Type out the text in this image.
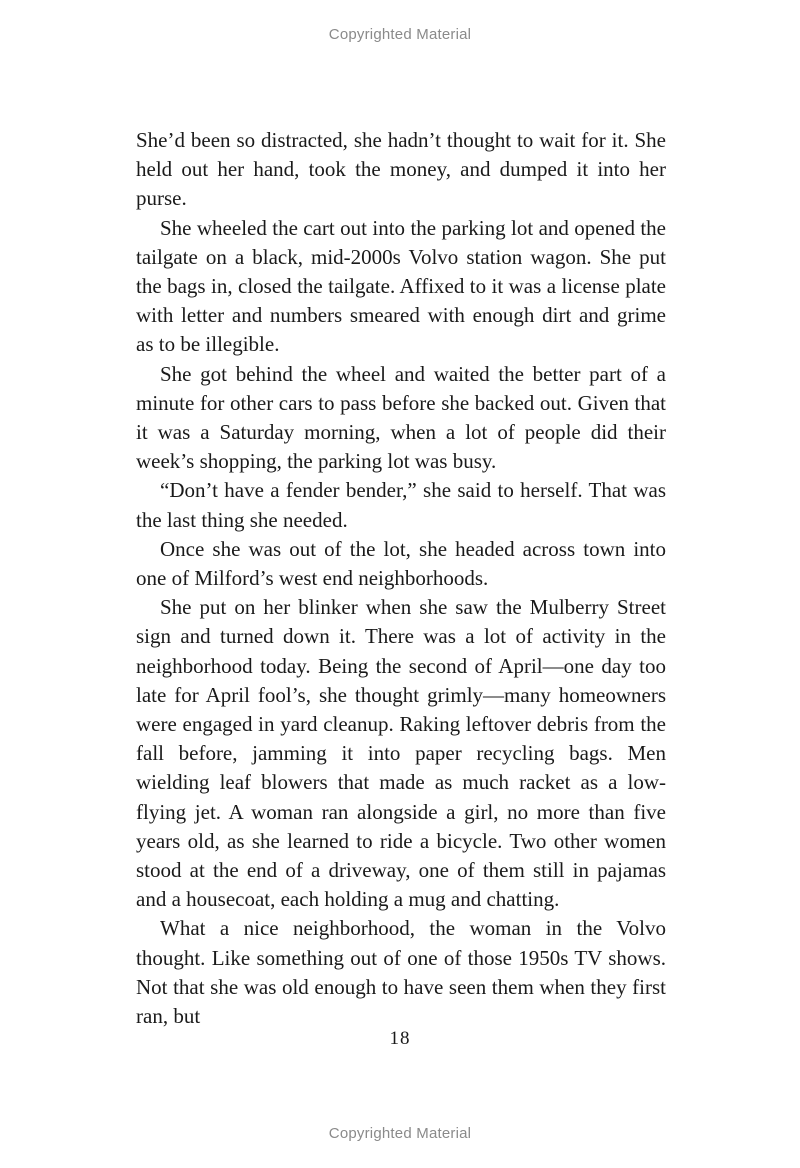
Copyrighted Material

She’d been so distracted, she hadn’t thought to wait for it. She held out her hand, took the money, and dumped it into her purse.

She wheeled the cart out into the parking lot and opened the tailgate on a black, mid-2000s Volvo station wagon. She put the bags in, closed the tailgate. Affixed to it was a license plate with letter and numbers smeared with enough dirt and grime as to be illegible.

She got behind the wheel and waited the better part of a minute for other cars to pass before she backed out. Given that it was a Saturday morning, when a lot of people did their week’s shopping, the parking lot was busy.

“Don’t have a fender bender,” she said to herself. That was the last thing she needed.

Once she was out of the lot, she headed across town into one of Milford’s west end neighborhoods.

She put on her blinker when she saw the Mulberry Street sign and turned down it. There was a lot of activity in the neighborhood today. Being the second of April—one day too late for April fool’s, she thought grimly—many homeowners were engaged in yard cleanup. Raking leftover debris from the fall before, jamming it into paper recycling bags. Men wielding leaf blowers that made as much racket as a low-flying jet. A woman ran alongside a girl, no more than five years old, as she learned to ride a bicycle. Two other women stood at the end of a driveway, one of them still in pajamas and a housecoat, each holding a mug and chatting.

What a nice neighborhood, the woman in the Volvo thought. Like something out of one of those 1950s TV shows. Not that she was old enough to have seen them when they first ran, but

18
Copyrighted Material
